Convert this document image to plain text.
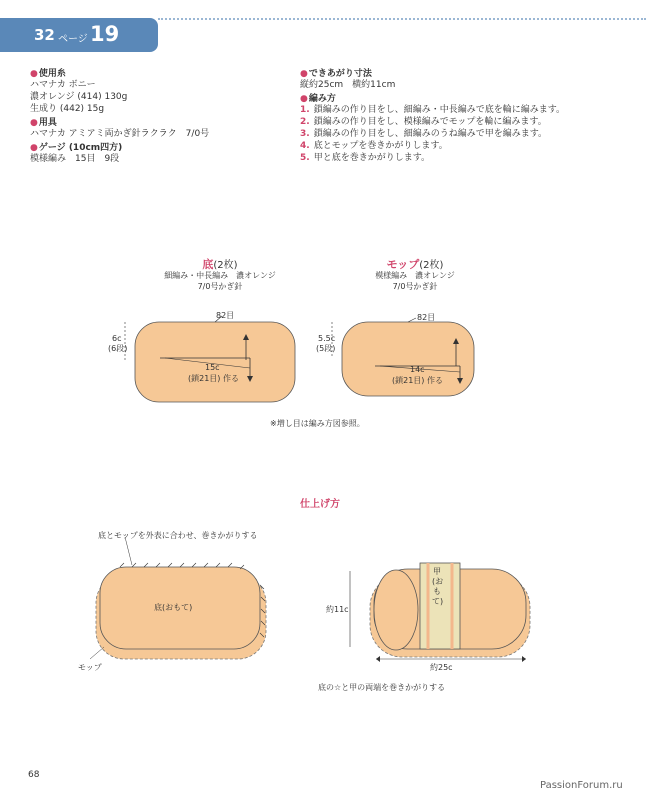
32 ページ 19
● 使用糸
ハマナカ ボニー
濃オレンジ (414) 130g
生成り (442) 15g
● 用具
ハマナカ アミアミ両かぎ針ラクラク　7/0号
● ゲージ (10cm四方)
模様編み　15目　9段
● できあがり寸法
縦約25cm　横約11cm
● 編み方
1. 鎖編みの作り目をし、細編み・中長編みで底を輪に編みます。
2. 鎖編みの作り目をし、模様編みでモップを輪に編みます。
3. 鎖編みの作り目をし、細編みのうね編みで甲を編みます。
4. 底とモップを巻きかがりします。
5. 甲と底を巻きかがりします。
底(2枚)
細編み・中長編み　濃オレンジ
7/0号かぎ針
モップ(2枚)
模様編み　濃オレンジ
7/0号かぎ針
82目
6c
(6段)
15c
(鎖21目) 作る
82目
5.5c
(5段)
14c
(鎖21目) 作る
※増し目は編み方図参照。
仕上げ方
底とモップを外表に合わせ、巻きかがりする
底(おもて)
モップ
甲(おもて)
約11c
約25c
底の☆と甲の両端を巻きかがりする
68
PassionForum.ru
